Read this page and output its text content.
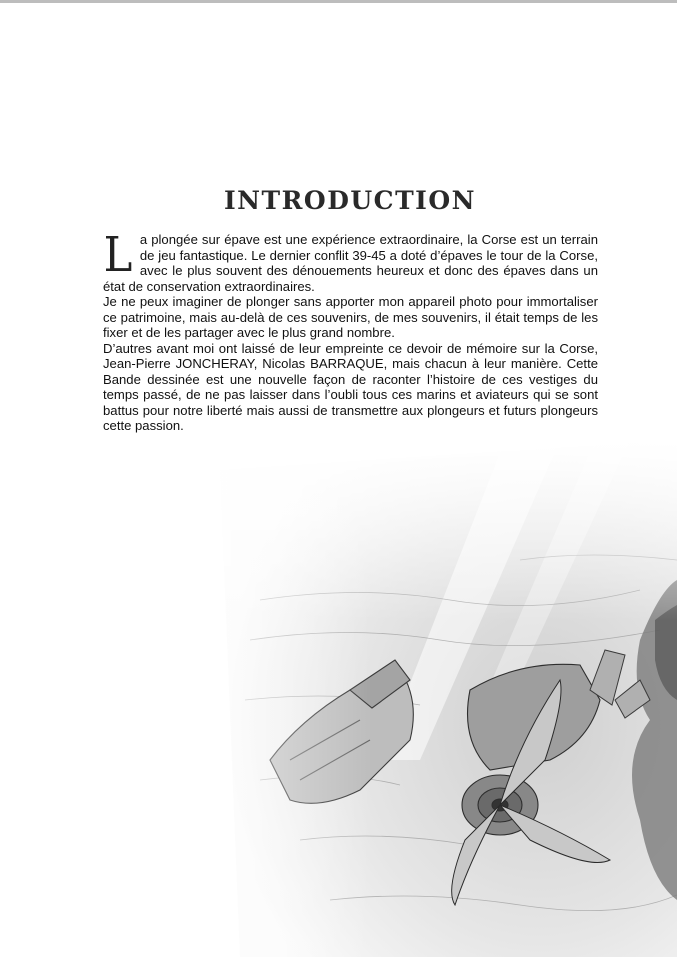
INTRODUCTION

La plongée sur épave est une expérience extraordinaire, la Corse est un terrain de jeu fantastique. Le dernier conflit 39-45 a doté d’épaves le tour de la Corse, avec le plus souvent des dénouements heureux et donc des épaves dans un état de conservation extraordinaires.

Je ne peux imaginer de plonger sans apporter mon appareil photo pour immortaliser ce patrimoine, mais au-delà de ces souvenirs, de mes souvenirs, il était temps de les fixer et de les partager avec le plus grand nombre.

D’autres avant moi ont laissé de leur empreinte ce devoir de mémoire sur la Corse, Jean-Pierre JONCHERAY, Nicolas BARRAQUE, mais chacun à leur manière. Cette Bande dessinée est une nouvelle façon de raconter l’histoire de ces vestiges du temps passé, de ne pas laisser dans l’oubli tous ces marins et aviateurs qui se sont battus pour notre liberté mais aussi de transmettre aux plongeurs et futurs plongeurs cette passion.
